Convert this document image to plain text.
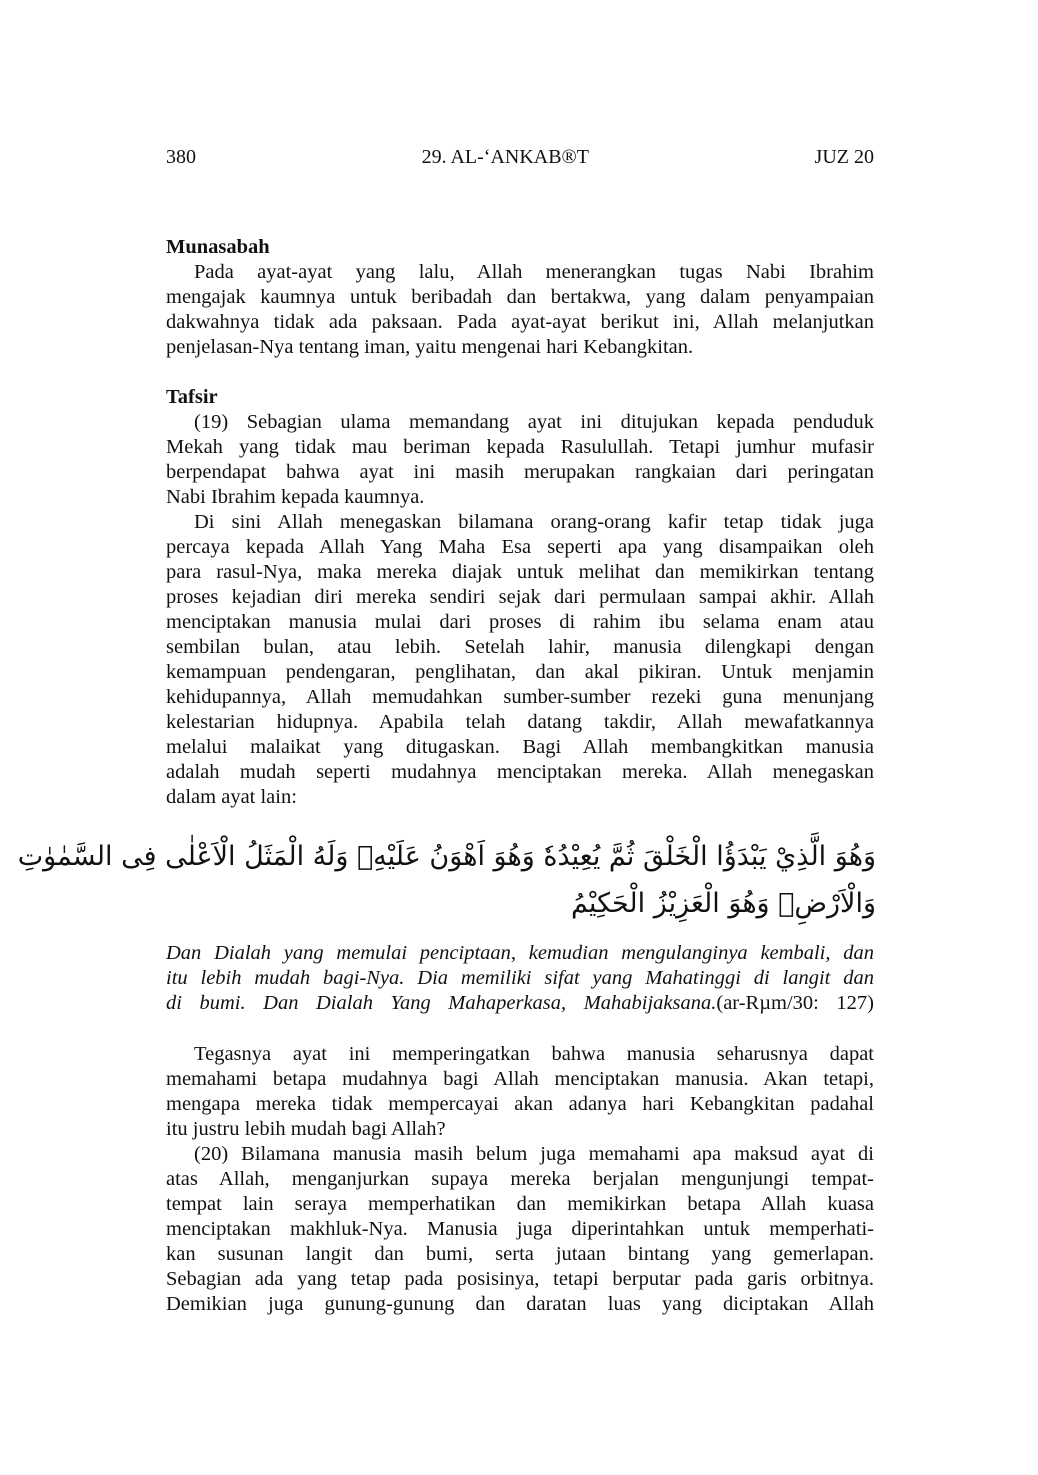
380	29. AL-‘ANKAB®T	JUZ 20
Munasabah
Pada ayat-ayat yang lalu, Allah menerangkan tugas Nabi Ibrahim
mengajak kaumnya untuk beribadah dan bertakwa, yang dalam penyampaian
dakwahnya tidak ada paksaan. Pada ayat-ayat berikut ini, Allah melanjutkan
penjelasan-Nya tentang iman, yaitu mengenai hari Kebangkitan.
Tafsir
(19) Sebagian ulama memandang ayat ini ditujukan kepada penduduk
Mekah yang tidak mau beriman kepada Rasulullah. Tetapi jumhur mufasir
berpendapat bahwa ayat ini masih merupakan rangkaian dari peringatan
Nabi Ibrahim kepada kaumnya.
Di sini Allah menegaskan bilamana orang-orang kafir tetap tidak juga
percaya kepada Allah Yang Maha Esa seperti apa yang disampaikan oleh
para rasul-Nya, maka mereka diajak untuk melihat dan memikirkan tentang
proses kejadian diri mereka sendiri sejak dari permulaan sampai akhir. Allah
menciptakan manusia mulai dari proses di rahim ibu selama enam atau
sembilan bulan, atau lebih. Setelah lahir, manusia dilengkapi dengan
kemampuan pendengaran, penglihatan, dan akal pikiran. Untuk menjamin
kehidupannya, Allah memudahkan sumber-sumber rezeki guna menunjang
kelestarian hidupnya. Apabila telah datang takdir, Allah mewafatkannya
melalui malaikat yang ditugaskan. Bagi Allah membangkitkan manusia
adalah mudah seperti mudahnya menciptakan mereka. Allah menegaskan
dalam ayat lain:
وَهُوَ الَّذِيْ يَبْدَؤُا الْخَلْقَ ثُمَّ يُعِيْدُهٗ وَهُوَ اَهْوَنُ عَلَيْهِۗ وَلَهُ الْمَثَلُ الْاَعْلٰى فِى السَّمٰوٰتِ
وَالْاَرْضِۚ وَهُوَ الْعَزِيْزُ الْحَكِيْمُ
Dan Dialah yang memulai penciptaan, kemudian mengulanginya kembali, dan
itu lebih mudah bagi-Nya. Dia memiliki sifat yang Mahatinggi di langit dan
di bumi. Dan Dialah Yang Mahaperkasa, Mahabijaksana.(ar-Rµm/30: 127)
Tegasnya ayat ini memperingatkan bahwa manusia seharusnya dapat
memahami betapa mudahnya bagi Allah menciptakan manusia. Akan tetapi,
mengapa mereka tidak mempercayai akan adanya hari Kebangkitan padahal
itu justru lebih mudah bagi Allah?
(20) Bilamana manusia masih belum juga memahami apa maksud ayat di
atas Allah, menganjurkan supaya mereka berjalan mengunjungi tempat-
tempat lain seraya memperhatikan dan memikirkan betapa Allah kuasa
menciptakan makhluk-Nya. Manusia juga diperintahkan untuk memperhati-
kan susunan langit dan bumi, serta jutaan bintang yang gemerlapan.
Sebagian ada yang tetap pada posisinya, tetapi berputar pada garis orbitnya.
Demikian juga gunung-gunung dan daratan luas yang diciptakan Allah
